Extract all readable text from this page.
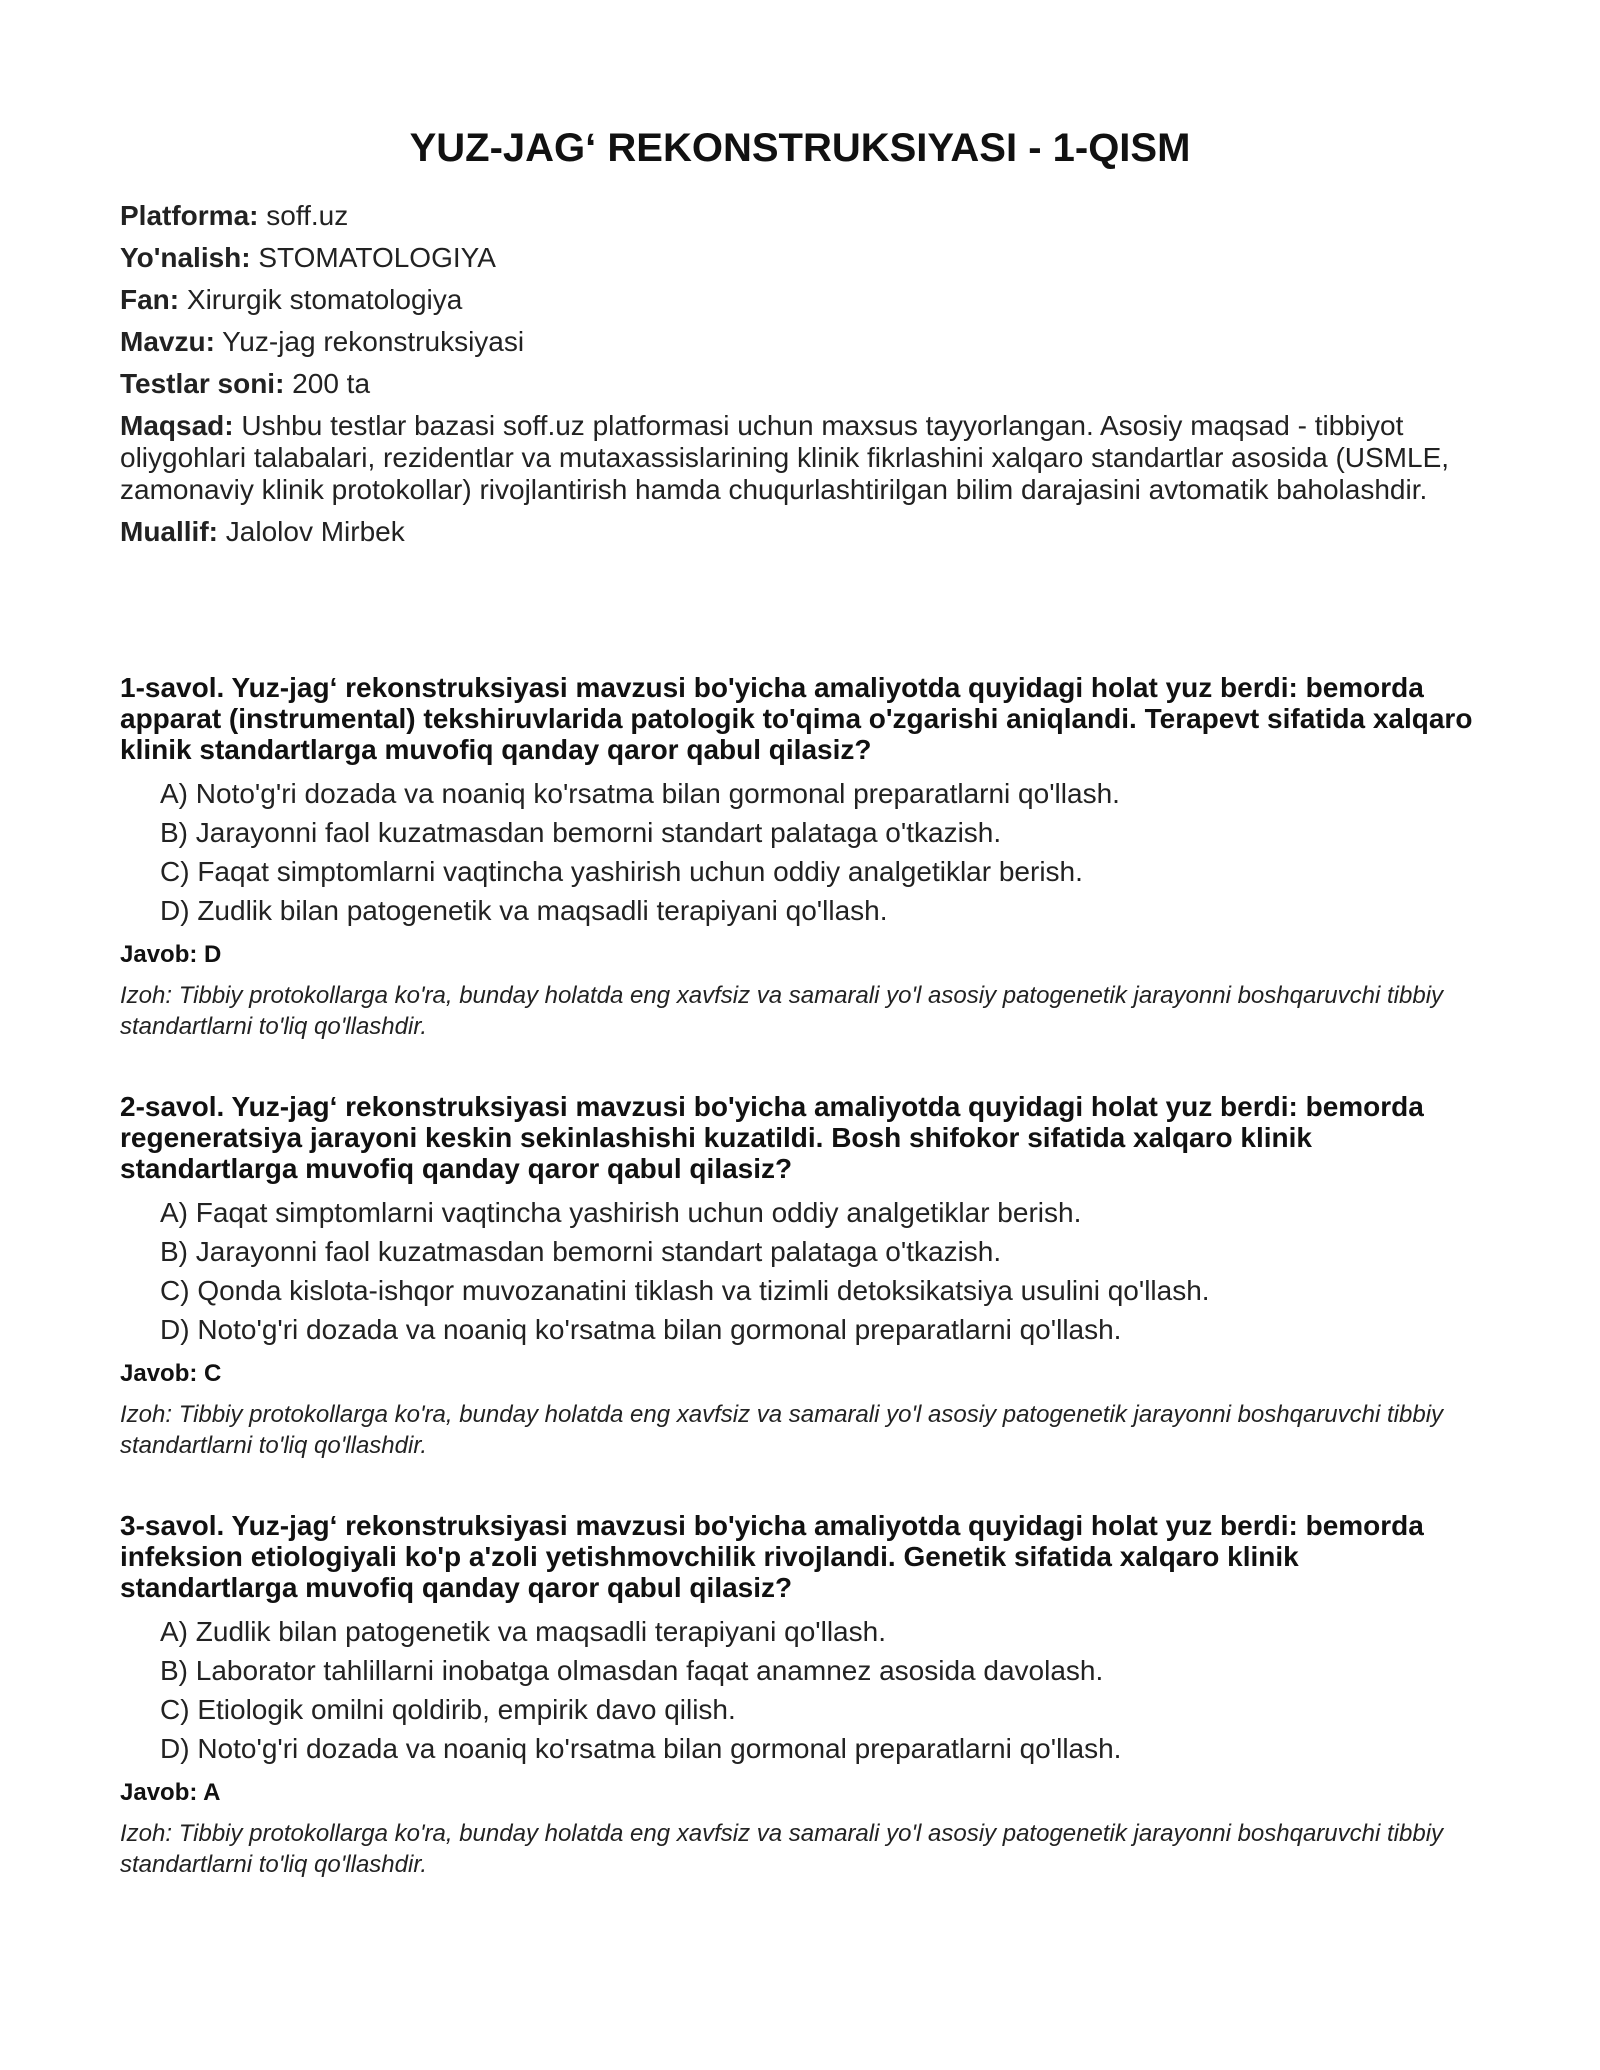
YUZ-JAG‘ REKONSTRUKSIYASI - 1-QISM
Platforma: soff.uz
Yo'nalish: STOMATOLOGIYA
Fan: Xirurgik stomatologiya
Mavzu: Yuz-jag rekonstruksiyasi
Testlar soni: 200 ta
Maqsad: Ushbu testlar bazasi soff.uz platformasi uchun maxsus tayyorlangan. Asosiy maqsad - tibbiyot oliygohlari talabalari, rezidentlar va mutaxassislarining klinik fikrlashini xalqaro standartlar asosida (USMLE, zamonaviy klinik protokollar) rivojlantirish hamda chuqurlashtirilgan bilim darajasini avtomatik baholashdir.
Muallif: Jalolov Mirbek
1-savol. Yuz-jag‘ rekonstruksiyasi mavzusi bo'yicha amaliyotda quyidagi holat yuz berdi: bemorda apparat (instrumental) tekshiruvlarida patologik to'qima o'zgarishi aniqlandi. Terapevt sifatida xalqaro klinik standartlarga muvofiq qanday qaror qabul qilasiz?
A) Noto'g'ri dozada va noaniq ko'rsatma bilan gormonal preparatlarni qo'llash.
B) Jarayonni faol kuzatmasdan bemorni standart palataga o'tkazish.
C) Faqat simptomlarni vaqtincha yashirish uchun oddiy analgetiklar berish.
D) Zudlik bilan patogenetik va maqsadli terapiyani qo'llash.
Javob: D
Izoh: Tibbiy protokollarga ko'ra, bunday holatda eng xavfsiz va samarali yo'l asosiy patogenetik jarayonni boshqaruvchi tibbiy standartlarni to'liq qo'llashdir.
2-savol. Yuz-jag‘ rekonstruksiyasi mavzusi bo'yicha amaliyotda quyidagi holat yuz berdi: bemorda regeneratsiya jarayoni keskin sekinlashishi kuzatildi. Bosh shifokor sifatida xalqaro klinik standartlarga muvofiq qanday qaror qabul qilasiz?
A) Faqat simptomlarni vaqtincha yashirish uchun oddiy analgetiklar berish.
B) Jarayonni faol kuzatmasdan bemorni standart palataga o'tkazish.
C) Qonda kislota-ishqor muvozanatini tiklash va tizimli detoksikatsiya usulini qo'llash.
D) Noto'g'ri dozada va noaniq ko'rsatma bilan gormonal preparatlarni qo'llash.
Javob: C
Izoh: Tibbiy protokollarga ko'ra, bunday holatda eng xavfsiz va samarali yo'l asosiy patogenetik jarayonni boshqaruvchi tibbiy standartlarni to'liq qo'llashdir.
3-savol. Yuz-jag‘ rekonstruksiyasi mavzusi bo'yicha amaliyotda quyidagi holat yuz berdi: bemorda infeksion etiologiyali ko'p a'zoli yetishmovchilik rivojlandi. Genetik sifatida xalqaro klinik standartlarga muvofiq qanday qaror qabul qilasiz?
A) Zudlik bilan patogenetik va maqsadli terapiyani qo'llash.
B) Laborator tahlillarni inobatga olmasdan faqat anamnez asosida davolash.
C) Etiologik omilni qoldirib, empirik davo qilish.
D) Noto'g'ri dozada va noaniq ko'rsatma bilan gormonal preparatlarni qo'llash.
Javob: A
Izoh: Tibbiy protokollarga ko'ra, bunday holatda eng xavfsiz va samarali yo'l asosiy patogenetik jarayonni boshqaruvchi tibbiy standartlarni to'liq qo'llashdir.
